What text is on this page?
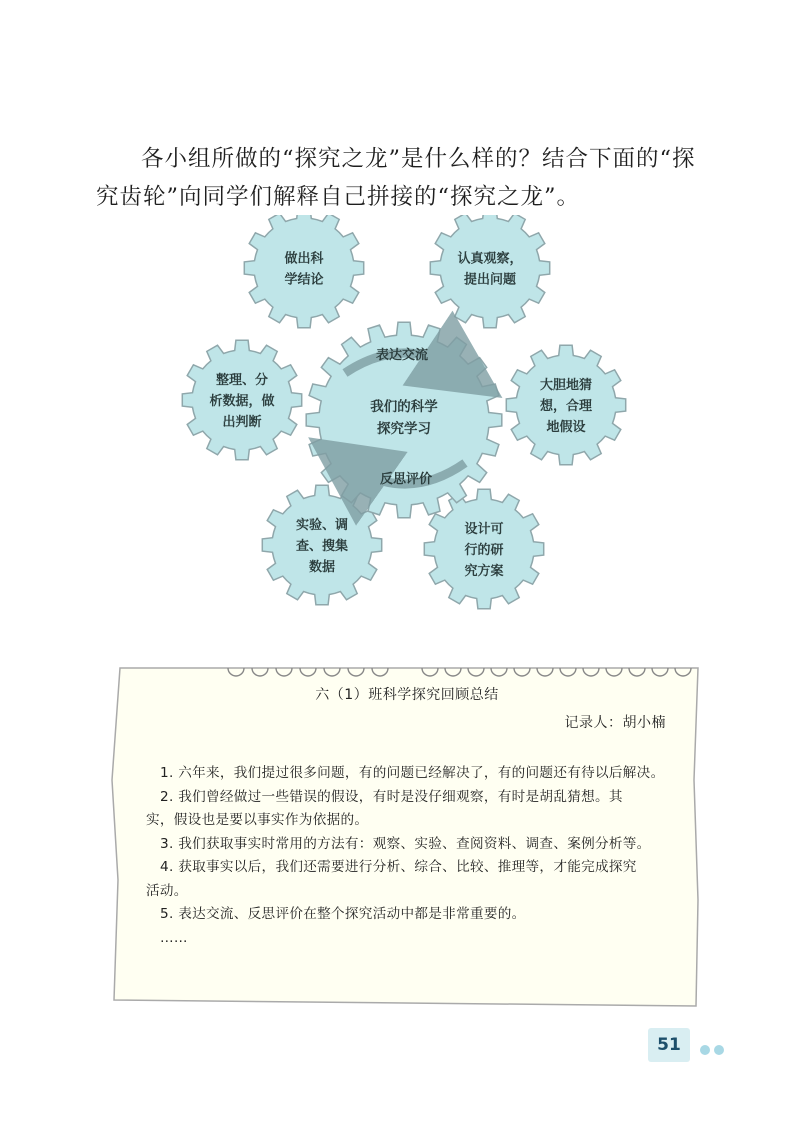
各小组所做的“探究之龙”是什么样的？结合下面的“探究齿轮”向同学们解释自己拼接的“探究之龙”。

做出科
学结论
认真观察，
提出问题
整理、分
析数据，做
出判断
大胆地猜
想，合理
地假设
实验、调
查、搜集
数据
设计可
行的研
究方案
表达交流
我们的科学
探究学习
反思评价
六（1）班科学探究回顾总结
记录人：胡小楠

1. 六年来，我们提过很多问题，有的问题已经解决了，有的问题还有待以后解决。

2. 我们曾经做过一些错误的假设，有时是没仔细观察，有时是胡乱猜想。其
实，假设也是要以事实作为依据的。

3. 我们获取事实时常用的方法有：观察、实验、查阅资料、调查、案例分析等。

4. 获取事实以后，我们还需要进行分析、综合、比较、推理等，才能完成探究
活动。

5. 表达交流、反思评价在整个探究活动中都是非常重要的。

……

51
